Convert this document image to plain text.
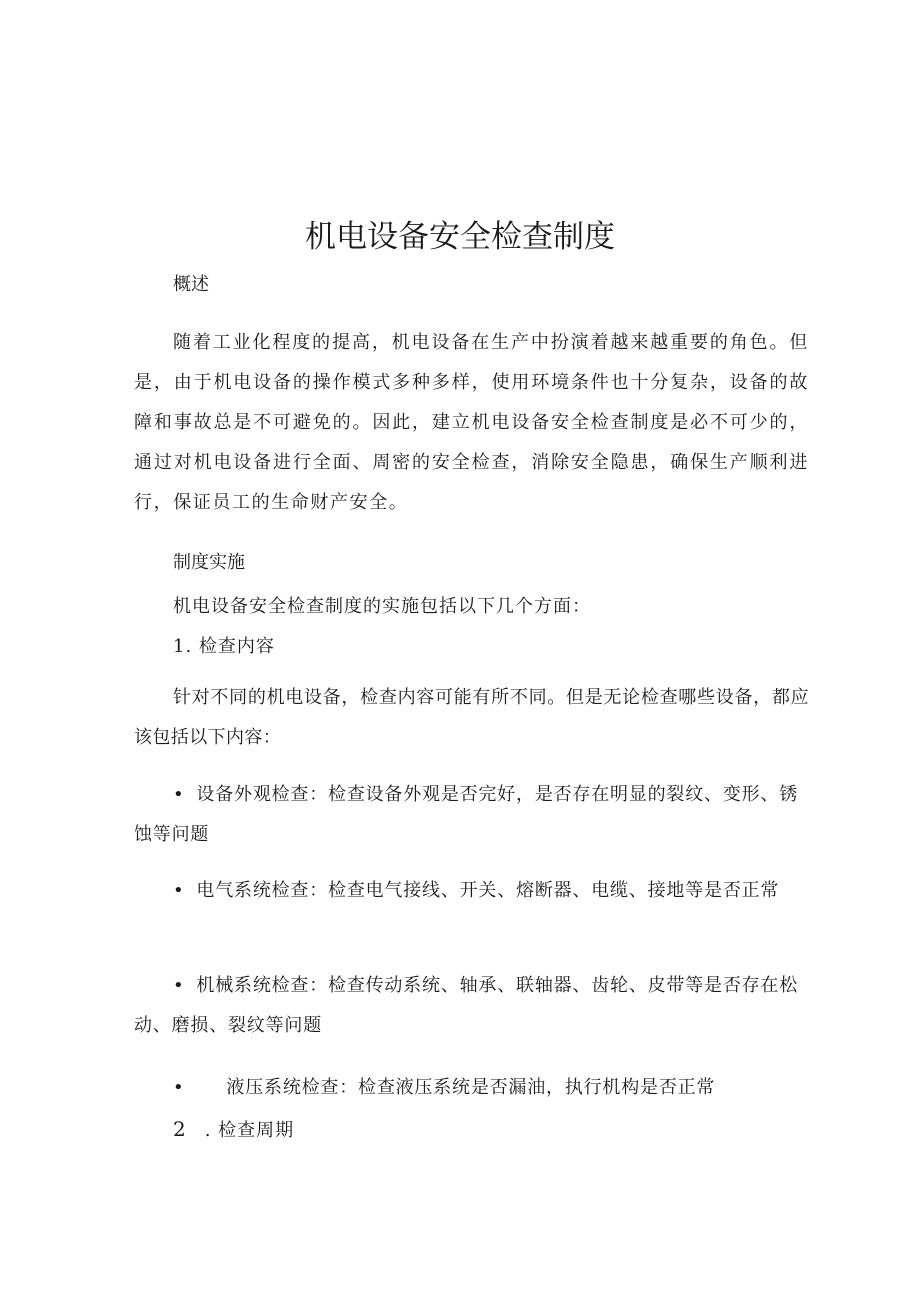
机电设备安全检查制度

概述

随着工业化程度的提高，机电设备在生产中扮演着越来越重要的角色。但是，由于机电设备的操作模式多种多样，使用环境条件也十分复杂，设备的故障和事故总是不可避免的。因此，建立机电设备安全检查制度是必不可少的，通过对机电设备进行全面、周密的安全检查，消除安全隐患，确保生产顺利进行，保证员工的生命财产安全。

制度实施

机电设备安全检查制度的实施包括以下几个方面：

1. 检查内容

针对不同的机电设备，检查内容可能有所不同。但是无论检查哪些设备，都应该包括以下内容：

• 设备外观检查：检查设备外观是否完好，是否存在明显的裂纹、变形、锈蚀等问题

• 电气系统检查：检查电气接线、开关、熔断器、电缆、接地等是否正常

• 机械系统检查：检查传动系统、轴承、联轴器、齿轮、皮带等是否存在松动、磨损、裂纹等问题

• 液压系统检查：检查液压系统是否漏油，执行机构是否正常

2 . 检查周期
